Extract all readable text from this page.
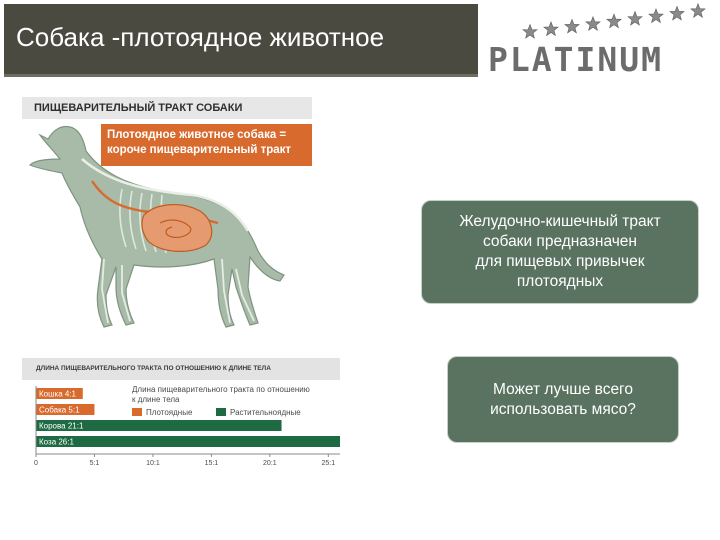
Собака -плотоядное животное
PLATINUM
ПИЩЕВАРИТЕЛЬНЫЙ ТРАКТ СОБАКИ
Плотоядное животное собака =
короче пищеварительный тракт
ДЛИНА ПИЩЕВАРИТЕЛЬНОГО ТРАКТА ПО ОТНОШЕНИЮ К ДЛИНЕ ТЕЛА
Длина пищеварительного тракта по отношению
к длине тела
Плотоядные	Растительноядные
Кошка 4:1
Собака 5:1
Корова 21:1
Коза 26:1
0	5:1	10:1	15:1	20:1	25:1
Желудочно-кишечный тракт
собаки предназначен
для пищевых привычек
плотоядных
Может лучше всего
использовать мясо?
